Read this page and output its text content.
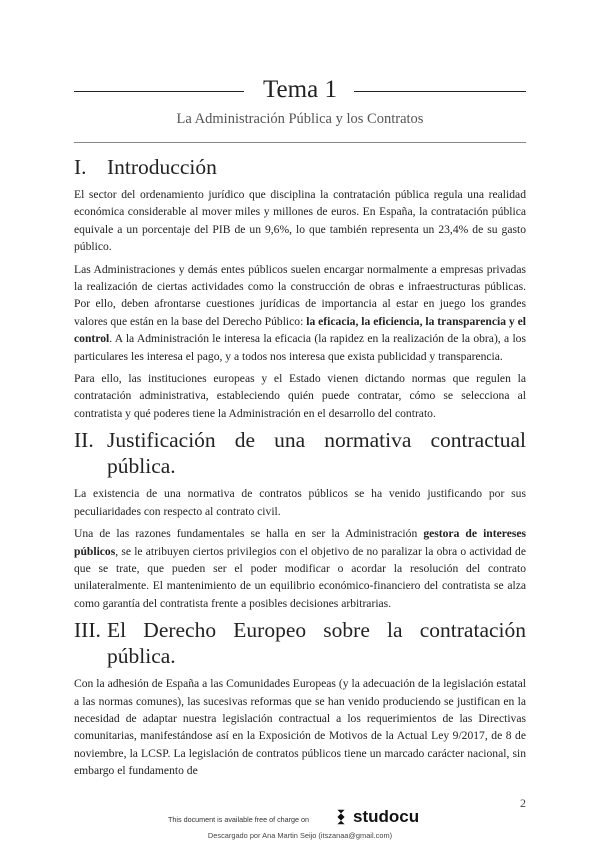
Tema 1
La Administración Pública y los Contratos
I. Introducción

El sector del ordenamiento jurídico que disciplina la contratación pública regula una realidad económica considerable al mover miles y millones de euros. En España, la contratación pública equivale a un porcentaje del PIB de un 9,6%, lo que también representa un 23,4% de su gasto público.

Las Administraciones y demás entes públicos suelen encargar normalmente a empresas privadas la realización de ciertas actividades como la construcción de obras e infraestructuras públicas. Por ello, deben afrontarse cuestiones jurídicas de importancia al estar en juego los grandes valores que están en la base del Derecho Público: la eficacia, la eficiencia, la transparencia y el control. A la Administración le interesa la eficacia (la rapidez en la realización de la obra), a los particulares les interesa el pago, y a todos nos interesa que exista publicidad y transparencia.

Para ello, las instituciones europeas y el Estado vienen dictando normas que regulen la contratación administrativa, estableciendo quién puede contratar, cómo se selecciona al contratista y qué poderes tiene la Administración en el desarrollo del contrato.

II. Justificación de una normativa contractual pública.

La existencia de una normativa de contratos públicos se ha venido justificando por sus peculiaridades con respecto al contrato civil.

Una de las razones fundamentales se halla en ser la Administración gestora de intereses públicos, se le atribuyen ciertos privilegios con el objetivo de no paralizar la obra o actividad de que se trate, que pueden ser el poder modificar o acordar la resolución del contrato unilateralmente. El mantenimiento de un equilibrio económico-financiero del contratista se alza como garantía del contratista frente a posibles decisiones arbitrarias.

III. El Derecho Europeo sobre la contratación pública.

Con la adhesión de España a las Comunidades Europeas (y la adecuación de la legislación estatal a las normas comunes), las sucesivas reformas que se han venido produciendo se justifican en la necesidad de adaptar nuestra legislación contractual a los requerimientos de las Directivas comunitarias, manifestándose así en la Exposición de Motivos de la Actual Ley 9/2017, de 8 de noviembre, la LCSP. La legislación de contratos públicos tiene un marcado carácter nacional, sin embargo el fundamento de

2
This document is available free of charge on	studocu
Descargado por Ana Martin Seijo (itszanaa@gmail.com)
